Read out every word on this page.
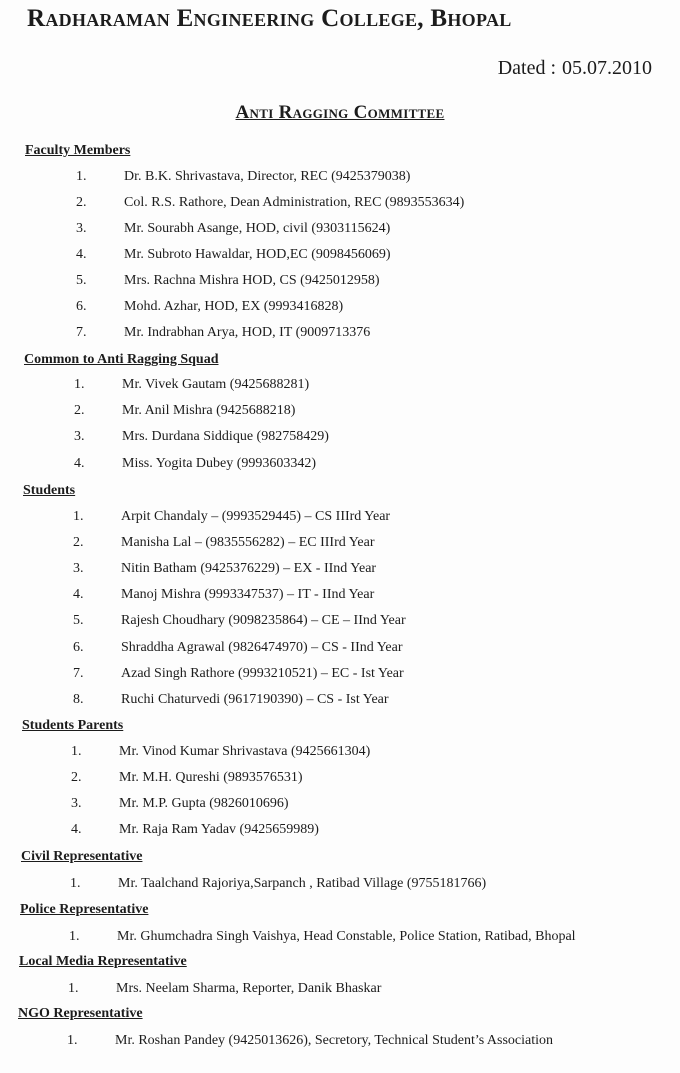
Radharaman Engineering College, Bhopal
Dated : 05.07.2010
Anti Ragging Committee
Faculty Members
1.	Dr. B.K. Shrivastava, Director, REC (9425379038)
2.	Col. R.S. Rathore, Dean Administration, REC (9893553634)
3.	Mr. Sourabh Asange, HOD, civil (9303115624)
4.	Mr. Subroto Hawaldar, HOD,EC (9098456069)
5.	Mrs. Rachna Mishra HOD, CS (9425012958)
6.	Mohd. Azhar, HOD, EX (9993416828)
7.	Mr. Indrabhan Arya, HOD, IT (9009713376
Common to Anti Ragging Squad
1.	Mr. Vivek Gautam (9425688281)
2.	Mr. Anil Mishra (9425688218)
3.	Mrs. Durdana Siddique (982758429)
4.	Miss. Yogita Dubey (9993603342)
Students
1.	Arpit Chandaly – (9993529445) – CS IIIrd Year
2.	Manisha Lal – (9835556282) – EC IIIrd Year
3.	Nitin Batham (9425376229) – EX - IInd Year
4.	Manoj Mishra (9993347537) – IT - IInd Year
5.	Rajesh Choudhary (9098235864) – CE – IInd Year
6.	Shraddha Agrawal (9826474970) – CS - IInd Year
7.	Azad Singh Rathore (9993210521) – EC - Ist Year
8.	Ruchi Chaturvedi (9617190390) – CS - Ist Year
Students Parents
1.	Mr. Vinod Kumar Shrivastava (9425661304)
2.	Mr. M.H. Qureshi (9893576531)
3.	Mr. M.P. Gupta (9826010696)
4.	Mr. Raja Ram Yadav (9425659989)
Civil Representative
1.	Mr. Taalchand Rajoriya,Sarpanch , Ratibad Village (9755181766)
Police Representative
1.	Mr. Ghumchadra Singh Vaishya, Head Constable, Police Station, Ratibad, Bhopal
Local Media Representative
1.	Mrs. Neelam Sharma, Reporter, Danik Bhaskar
NGO Representative
1.	Mr. Roshan Pandey (9425013626), Secretory, Technical Student’s Association
